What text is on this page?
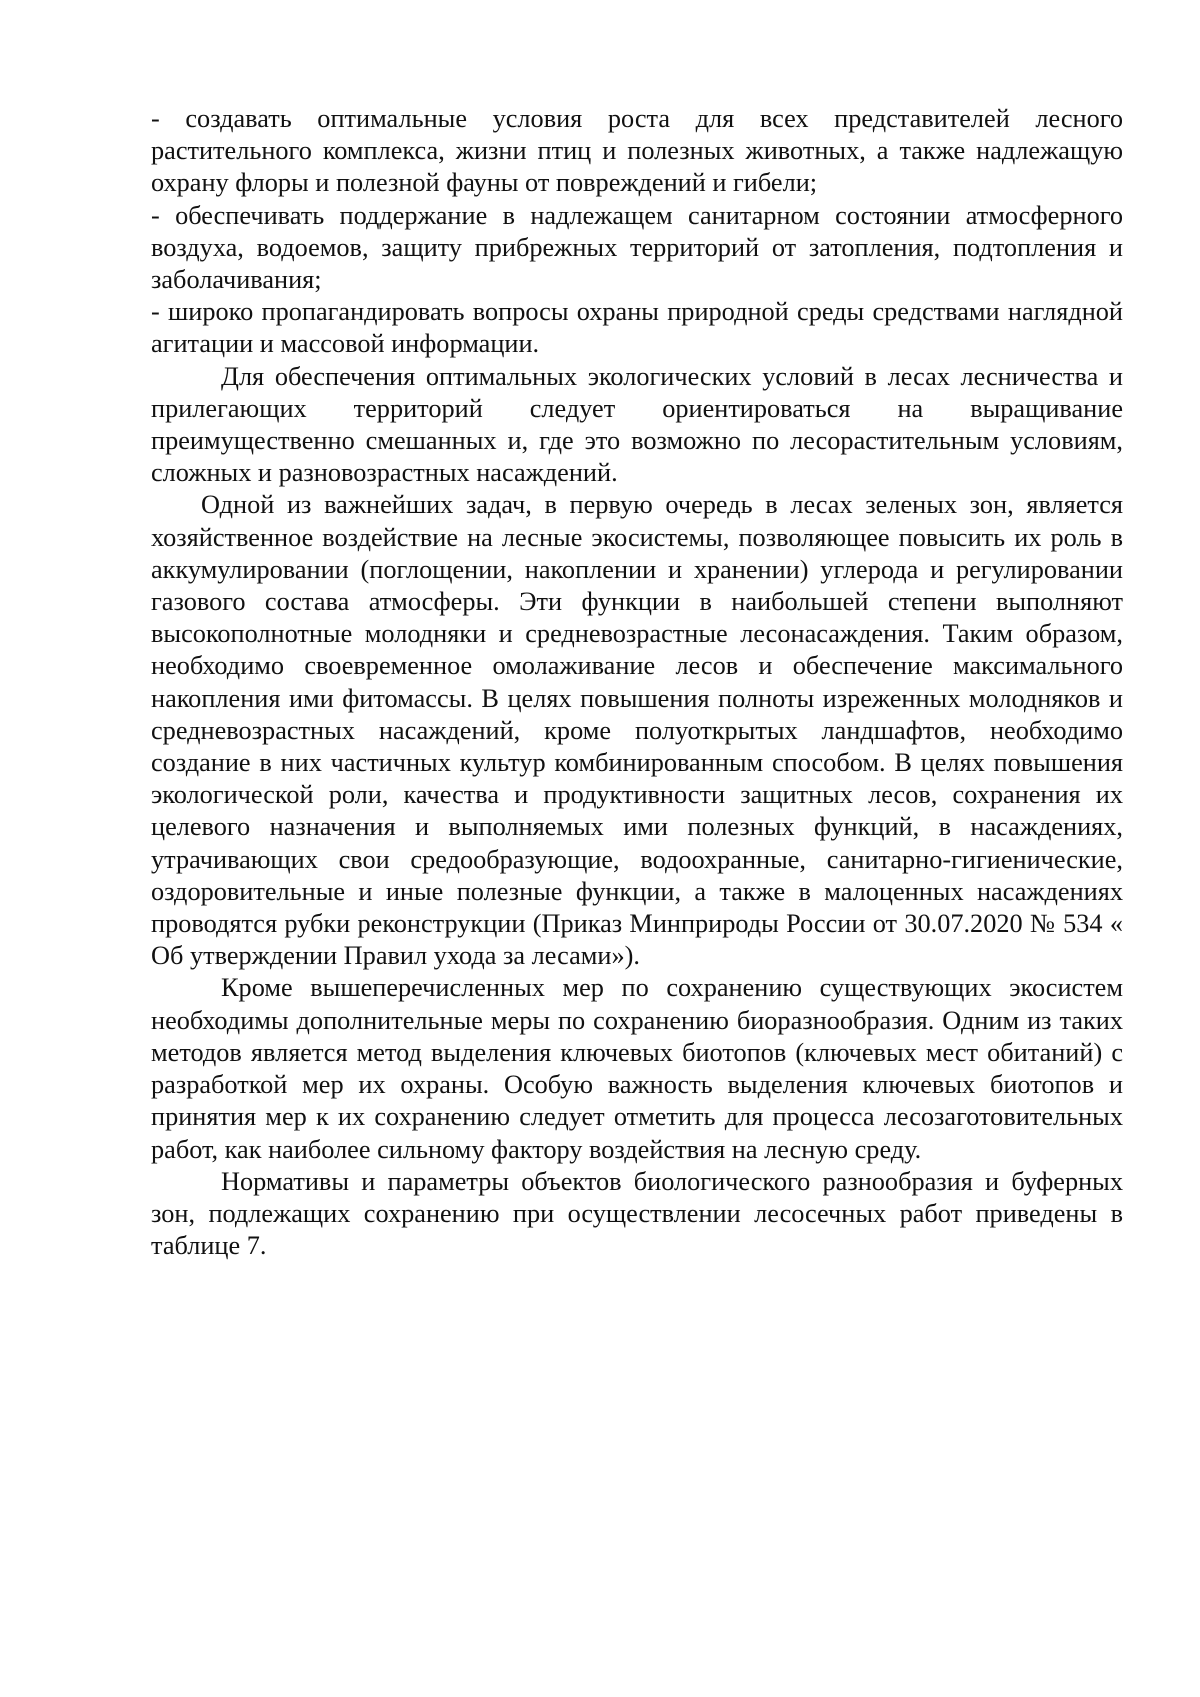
- создавать оптимальные условия роста для всех представителей лесного растительного комплекса, жизни птиц и полезных животных, а также надлежащую охрану флоры и полезной фауны от повреждений и гибели;

- обеспечивать поддержание в надлежащем санитарном состоянии атмосферного воздуха, водоемов, защиту прибрежных территорий от затопления, подтопления и заболачивания;

- широко пропагандировать вопросы охраны природной среды средствами наглядной агитации и массовой информации.

Для обеспечения оптимальных экологических условий в лесах лесничества и прилегающих территорий следует ориентироваться на выращивание преимущественно смешанных и, где это возможно по лесорастительным условиям, сложных и разновозрастных насаждений.

Одной из важнейших задач, в первую очередь в лесах зеленых зон, является хозяйственное воздействие на лесные экосистемы, позволяющее повысить их роль в аккумулировании (поглощении, накоплении и хранении) углерода и регулировании газового состава атмосферы. Эти функции в наибольшей степени выполняют высокополнотные молодняки и средневозрастные лесонасаждения. Таким образом, необходимо своевременное омолаживание лесов и обеспечение максимального накопления ими фитомассы. В целях повышения полноты изреженных молодняков и средневозрастных насаждений, кроме полуоткрытых ландшафтов, необходимо создание в них частичных культур комбинированным способом. В целях повышения экологической роли, качества и продуктивности защитных лесов, сохранения их целевого назначения и выполняемых ими полезных функций, в насаждениях, утрачивающих свои средообразующие, водоохранные, санитарно-гигиенические, оздоровительные и иные полезные функции, а также в малоценных насаждениях проводятся рубки реконструкции (Приказ Минприроды России от 30.07.2020 № 534 « Об утверждении Правил ухода за лесами»).

Кроме вышеперечисленных мер по сохранению существующих экосистем необходимы дополнительные меры по сохранению биоразнообразия. Одним из таких методов является метод выделения ключевых биотопов (ключевых мест обитаний) с разработкой мер их охраны. Особую важность выделения ключевых биотопов и принятия мер к их сохранению следует отметить для процесса лесозаготовительных работ, как наиболее сильному фактору воздействия на лесную среду.

Нормативы и параметры объектов биологического разнообразия и буферных зон, подлежащих сохранению при осуществлении лесосечных работ приведены в таблице 7.
